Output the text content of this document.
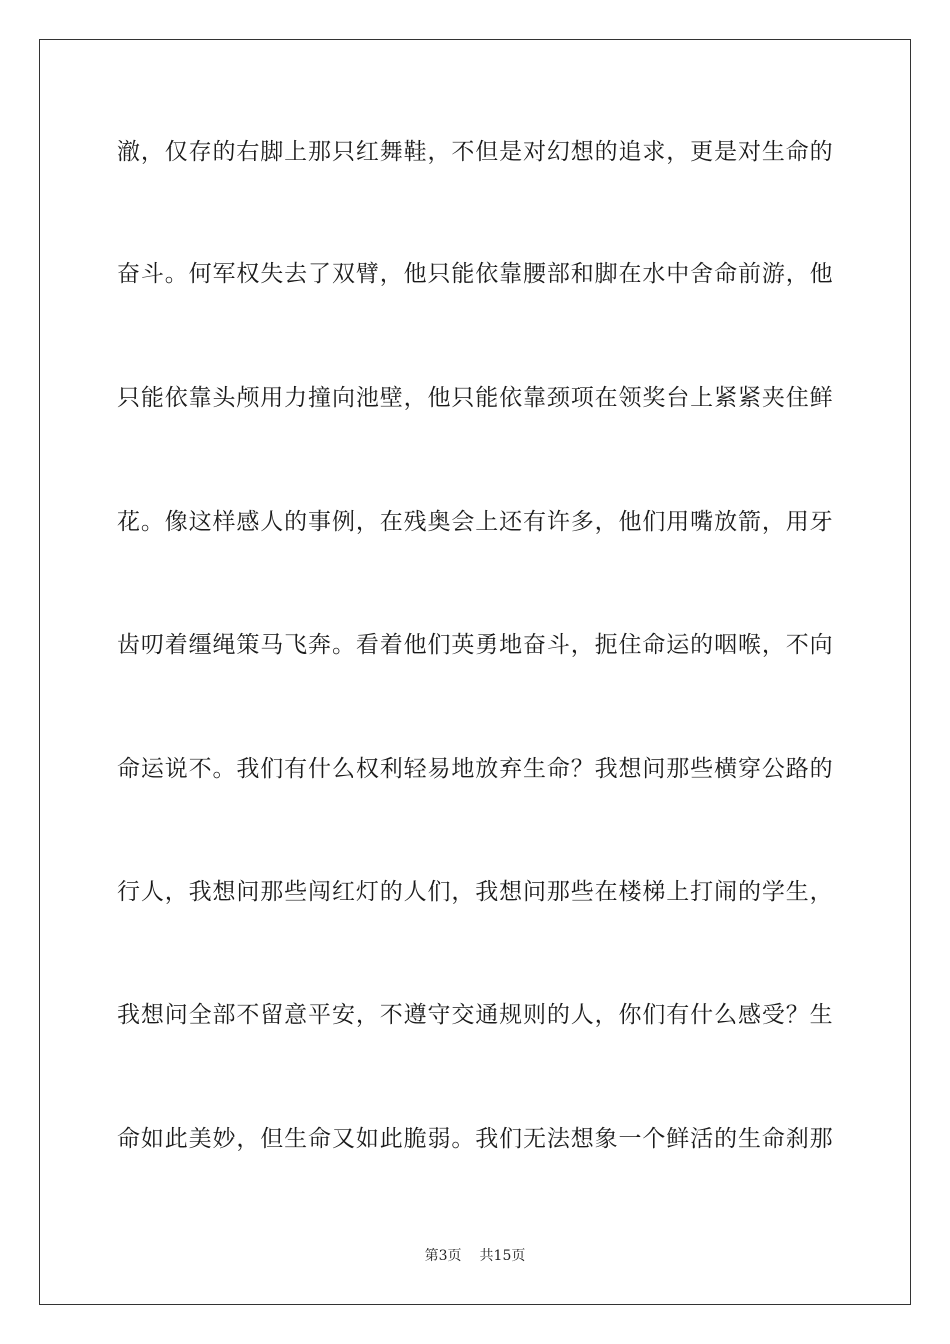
澈，仅存的右脚上那只红舞鞋，不但是对幻想的追求，更是对生命的
奋斗。何军权失去了双臂，他只能依靠腰部和脚在水中舍命前游，他
只能依靠头颅用力撞向池壁，他只能依靠颈项在领奖台上紧紧夹住鲜
花。像这样感人的事例，在残奥会上还有许多，他们用嘴放箭，用牙
齿叨着缰绳策马飞奔。看着他们英勇地奋斗，扼住命运的咽喉，不向
命运说不。我们有什么权利轻易地放弃生命？我想问那些横穿公路的
行人，我想问那些闯红灯的人们，我想问那些在楼梯上打闹的学生，
我想问全部不留意平安，不遵守交通规则的人，你们有什么感受？生
命如此美妙，但生命又如此脆弱。我们无法想象一个鲜活的生命刹那
第3页 共15页
